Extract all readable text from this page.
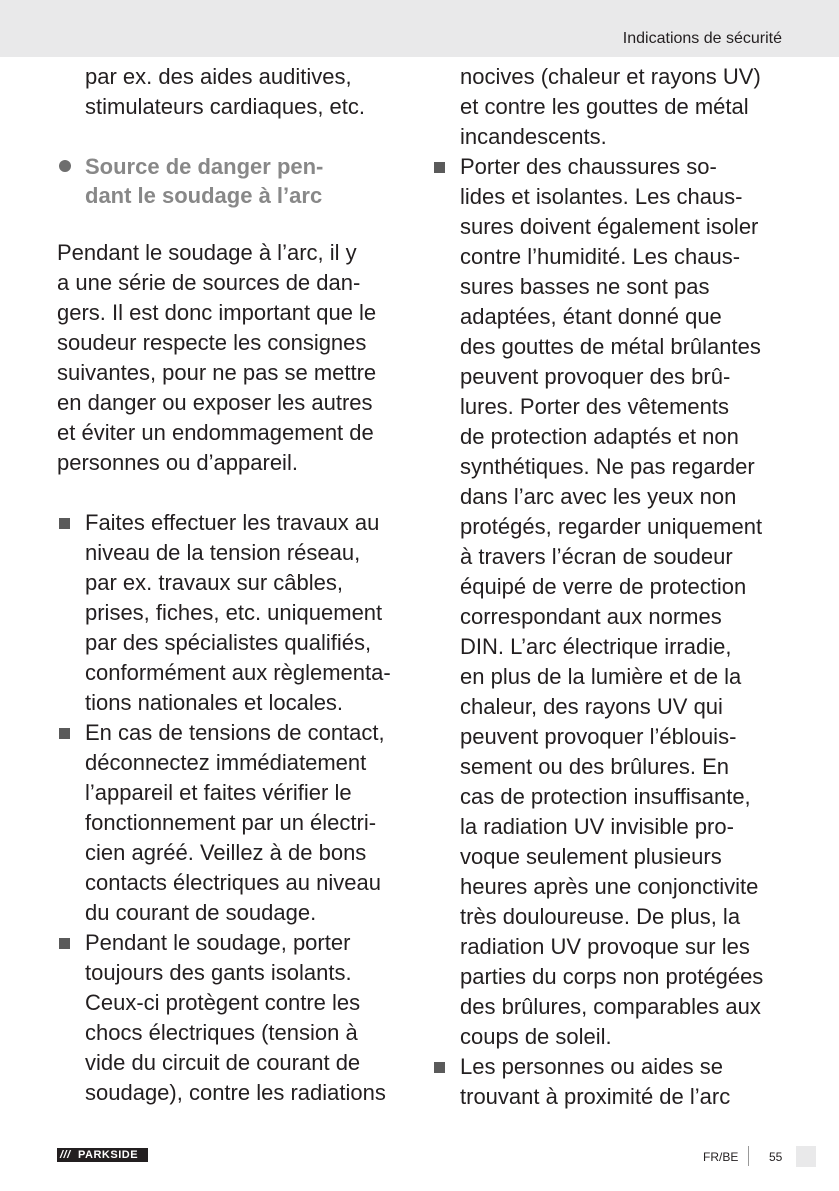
Indications de sécurité
par ex. des aides auditives,
stimulateurs cardiaques, etc.
Source de danger pen-
dant le soudage à l’arc
Pendant le soudage à l’arc, il y
a une série de sources de dan-
gers. Il est donc important que le
soudeur respecte les consignes
suivantes, pour ne pas se mettre
en danger ou exposer les autres
et éviter un endommagement de
personnes ou d’appareil.
Faites effectuer les travaux au
niveau de la tension réseau,
par ex. travaux sur câbles,
prises, fiches, etc. uniquement
par des spécialistes qualifiés,
conformément aux règlementa-
tions nationales et locales.
En cas de tensions de contact,
déconnectez immédiatement
l’appareil et faites vérifier le
fonctionnement par un électri-
cien agréé. Veillez à de bons
contacts électriques au niveau
du courant de soudage.
Pendant le soudage, porter
toujours des gants isolants.
Ceux-ci protègent contre les
chocs électriques (tension à
vide du circuit de courant de
soudage), contre les radiations
nocives (chaleur et rayons UV)
et contre les gouttes de métal
incandescents.
Porter des chaussures so-
lides et isolantes. Les chaus-
sures doivent également isoler
contre l’humidité. Les chaus-
sures basses ne sont pas
adaptées, étant donné que
des gouttes de métal brûlantes
peuvent provoquer des brû-
lures. Porter des vêtements
de protection adaptés et non
synthétiques. Ne pas regarder
dans l’arc avec les yeux non
protégés, regarder uniquement
à travers l’écran de soudeur
équipé de verre de protection
correspondant aux normes
DIN. L’arc électrique irradie,
en plus de la lumière et de la
chaleur, des rayons UV qui
peuvent provoquer l’éblouis-
sement ou des brûlures. En
cas de protection insuffisante,
la radiation UV invisible pro-
voque seulement plusieurs
heures après une conjonctivite
très douloureuse. De plus, la
radiation UV provoque sur les
parties du corps non protégées
des brûlures, comparables aux
coups de soleil.
Les personnes ou aides se
trouvant à proximité de l’arc
/// PARKSIDE	FR/BE	55
